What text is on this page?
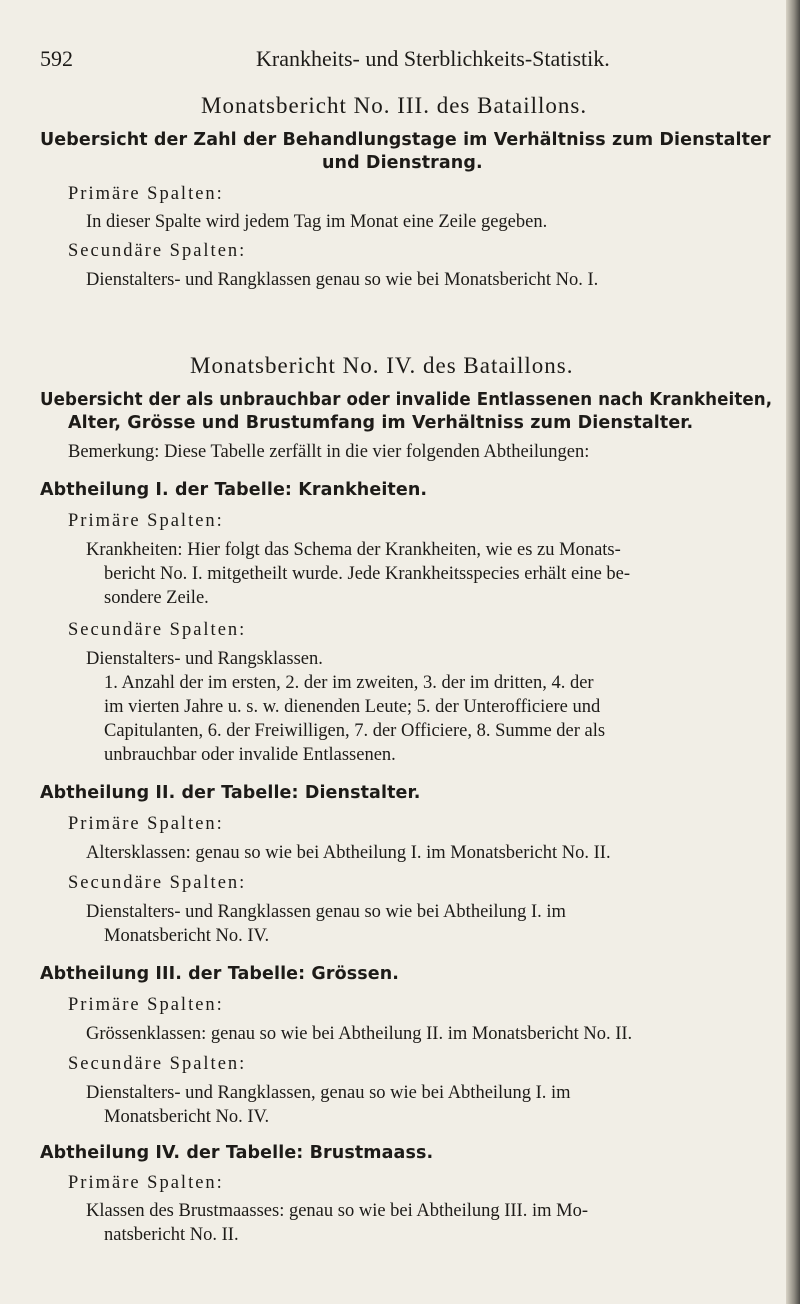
592	Krankheits- und Sterblichkeits-Statistik.
Monatsbericht No. III. des Bataillons.
Uebersicht der Zahl der Behandlungstage im Verhältniss zum Dienstalter
und Dienstrang.
Primäre Spalten:
In dieser Spalte wird jedem Tag im Monat eine Zeile gegeben.
Secundäre Spalten:
Dienstalters- und Rangklassen genau so wie bei Monatsbericht No. I.
Monatsbericht No. IV. des Bataillons.
Uebersicht der als unbrauchbar oder invalide Entlassenen nach Krankheiten,
Alter, Grösse und Brustumfang im Verhältniss zum Dienstalter.
Bemerkung: Diese Tabelle zerfällt in die vier folgenden Abtheilungen:
Abtheilung I. der Tabelle: Krankheiten.
Primäre Spalten:
Krankheiten: Hier folgt das Schema der Krankheiten, wie es zu Monats-
bericht No. I. mitgetheilt wurde. Jede Krankheitsspecies erhält eine be-
sondere Zeile.
Secundäre Spalten:
Dienstalters- und Rangsklassen.
1. Anzahl der im ersten, 2. der im zweiten, 3. der im dritten, 4. der
im vierten Jahre u. s. w. dienenden Leute; 5. der Unterofficiere und
Capitulanten, 6. der Freiwilligen, 7. der Officiere, 8. Summe der als
unbrauchbar oder invalide Entlassenen.
Abtheilung II. der Tabelle: Dienstalter.
Primäre Spalten:
Altersklassen: genau so wie bei Abtheilung I. im Monatsbericht No. II.
Secundäre Spalten:
Dienstalters- und Rangklassen genau so wie bei Abtheilung I. im
Monatsbericht No. IV.
Abtheilung III. der Tabelle: Grössen.
Primäre Spalten:
Grössenklassen: genau so wie bei Abtheilung II. im Monatsbericht No. II.
Secundäre Spalten:
Dienstalters- und Rangklassen, genau so wie bei Abtheilung I. im
Monatsbericht No. IV.
Abtheilung IV. der Tabelle: Brustmaass.
Primäre Spalten:
Klassen des Brustmaasses: genau so wie bei Abtheilung III. im Mo-
natsbericht No. II.
